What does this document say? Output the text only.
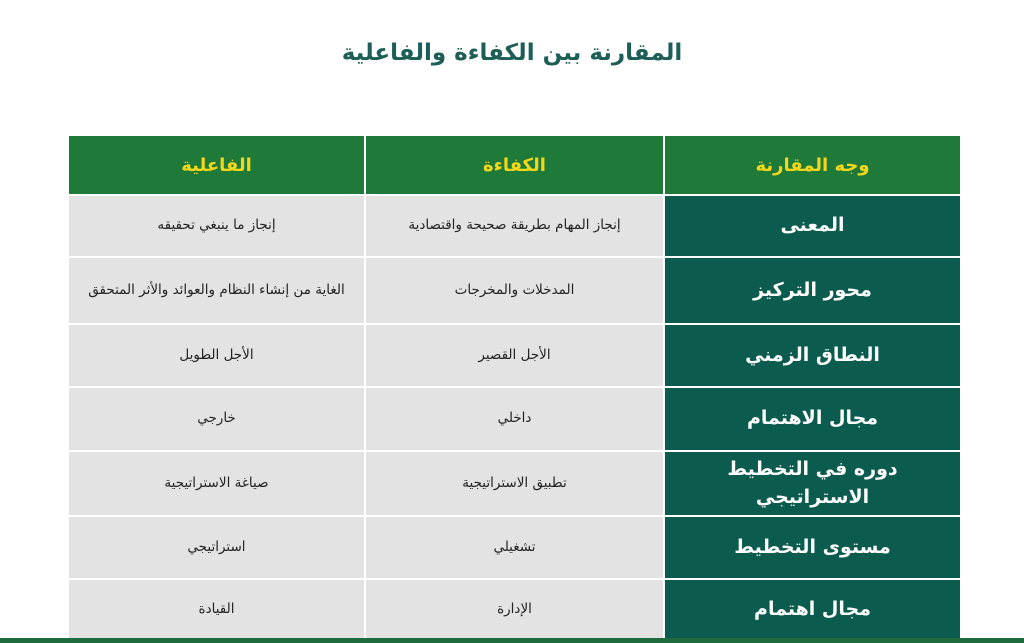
المقارنة بين الكفاءة والفاعلية
وجه المقارنة	الكفاءة	الفاعلية
المعنى	إنجاز المهام بطريقة صحيحة واقتصادية	إنجاز ما ينبغي تحقيقه
محور التركيز	المدخلات والمخرجات	الغاية من إنشاء النظام والعوائد والأثر المتحقق
النطاق الزمني	الأجل القصير	الأجل الطويل
مجال الاهتمام	داخلي	خارجي
دوره في التخطيط الاستراتيجي	تطبيق الاستراتيجية	صياغة الاستراتيجية
مستوى التخطيط	تشغيلي	استراتيجي
مجال اهتمام	الإدارة	القيادة
